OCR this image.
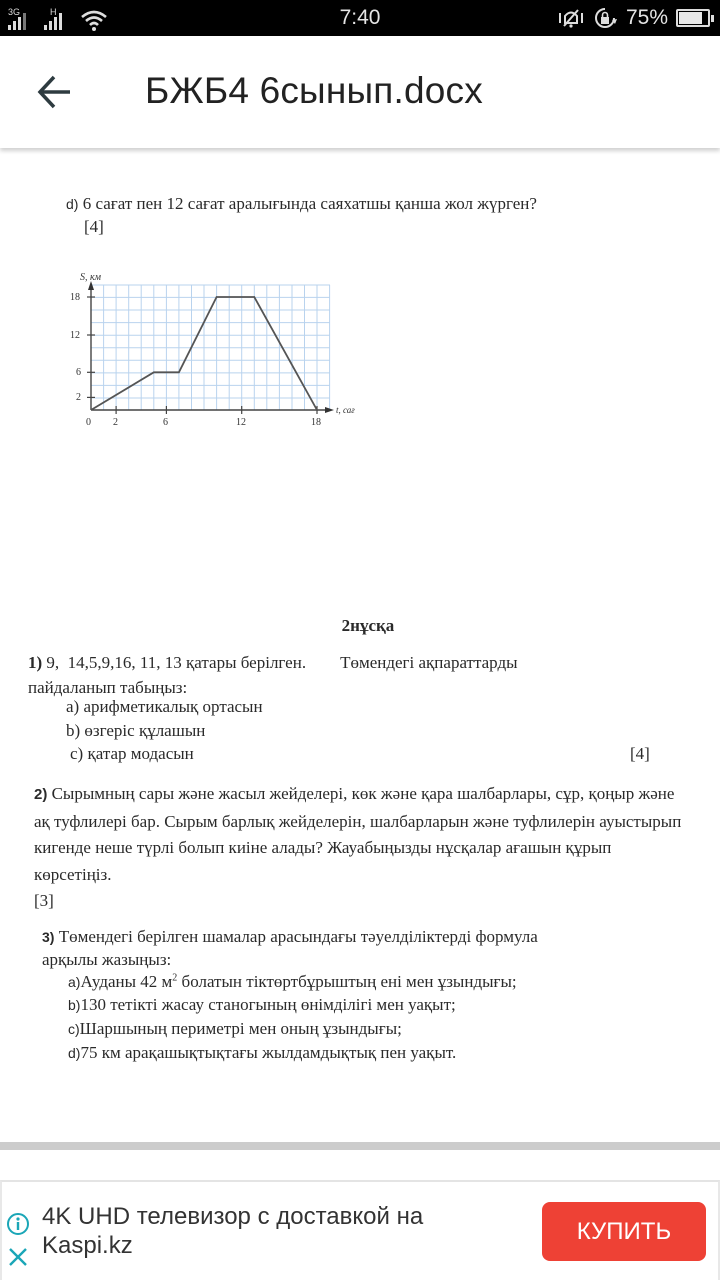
3G	H	7:40	75%
БЖБ4 6сынып.docx
d) 6 сағат пен 12 сағат аралығында саяхатшы қанша жол жүрген?
[4]
S, км
18
12
6
2
0 2	6	12	18
t, сағ
2нұсқа
1) 9,  14,5,9,16, 11, 13 қатары берілген.        Төмендегі ақпараттарды
пайдаланып табыңыз:
а) арифметикалық ортасын
b) өзгеріс құлашын
c) қатар модасын	[4]
2) Сырымның сары және жасыл жейделері, көк және қара шалбарлары, сұр, қоңыр және ақ туфлилері бар. Сырым барлық жейделерін, шалбарларын және туфлилерін ауыстырып кигенде неше түрлі болып киіне алады? Жауабыңызды нұсқалар ағашын құрып көрсетіңіз.
[3]
3) Төмендегі берілген шамалар арасындағы тәуелділіктерді формула
арқылы жазыңыз:
a)Ауданы 42 $м^2$ болатын тіктөртбұрыштың ені мен ұзындығы;
b)130 тетікті жасау станогының өнімділігі мен уақыт;
c)Шаршының периметрі мен оның ұзындығы;
d)75 км арақашықтықтағы жылдамдықтық пен уақыт.
4K UHD телевизор с доставкой на Kaspi.kz
КУПИТЬ
